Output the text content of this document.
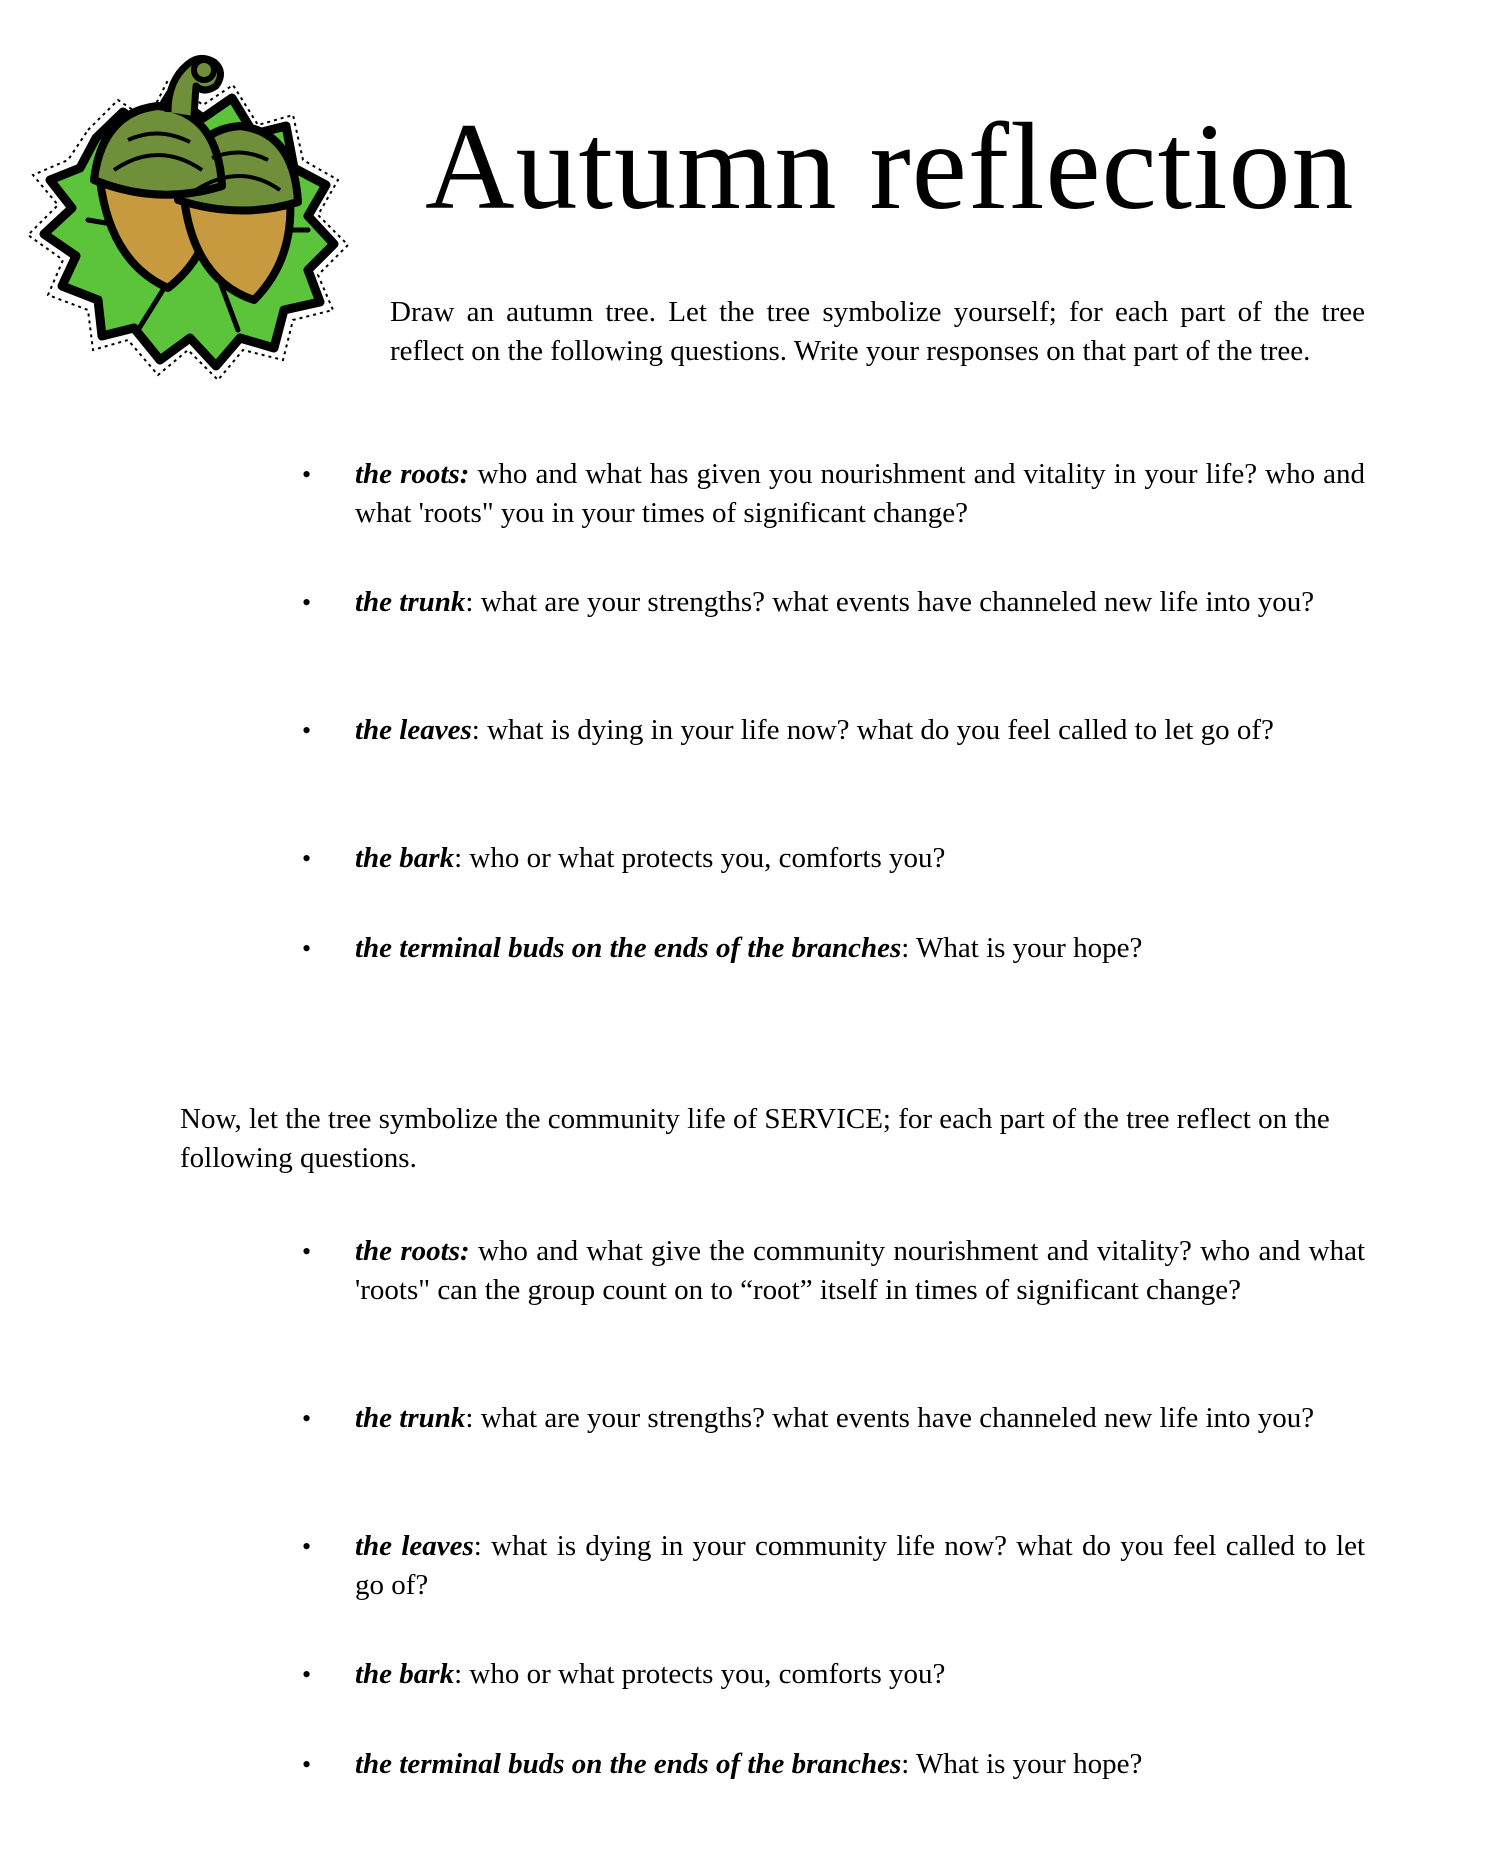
Autumn reflection

Draw an autumn tree. Let the tree symbolize yourself; for each part of the tree reflect on the following questions. Write your responses on that part of the tree.

• the roots: who and what has given you nourishment and vitality in your life? who and what 'roots" you in your times of significant change?
• the trunk: what are your strengths? what events have channeled new life into you?
• the leaves: what is dying in your life now? what do you feel called to let go of?
• the bark: who or what protects you, comforts you?
• the terminal buds on the ends of the branches: What is your hope?

Now, let the tree symbolize the community life of SERVICE; for each part of the tree reflect on the following questions.

• the roots: who and what give the community nourishment and vitality? who and what 'roots" can the group count on to “root” itself in times of significant change?
• the trunk: what are your strengths? what events have channeled new life into you?
• the leaves: what is dying in your community life now? what do you feel called to let go of?
• the bark: who or what protects you, comforts you?
• the terminal buds on the ends of the branches: What is your hope?
